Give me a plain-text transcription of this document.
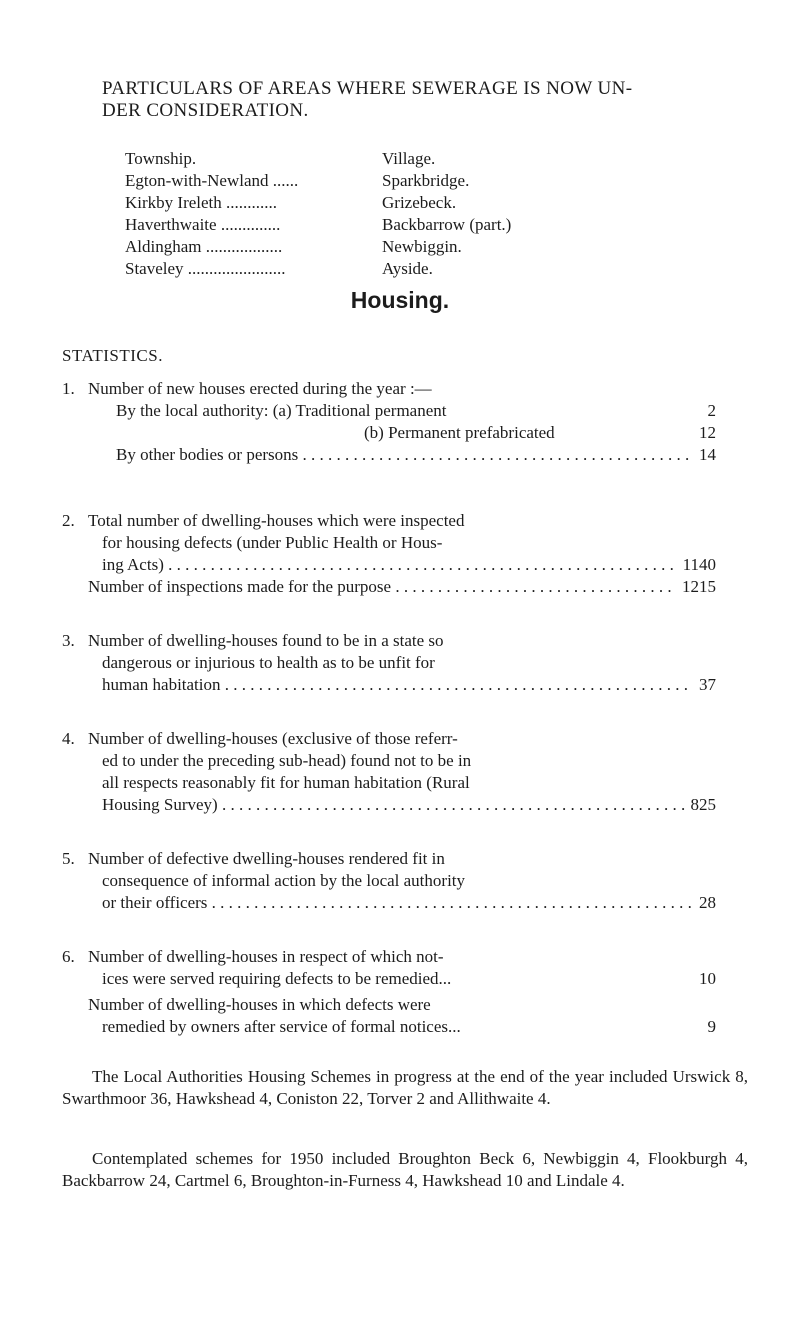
PARTICULARS OF AREAS WHERE SEWERAGE IS NOW UN-

DER CONSIDERATION.
Township.	Village.
Egton-with-Newland ......	Sparkbridge.
Kirkby Ireleth ............	Grizebeck.
Haverthwaite ..............	Backbarrow (part.)
Aldingham ..................	Newbiggin.
Staveley .......................	Ayside.
Housing.
STATISTICS.
1. Number of new houses erected during the year :—
By the local authority: (a) Traditional permanent	2
(b) Permanent prefabricated	12
By other bodies or persons . . .	14
2. Total number of dwelling-houses which were inspected
for housing defects (under Public Health or Hous-
ing Acts) . . .	1140
Number of inspections made for the purpose . . .	1215
3. Number of dwelling-houses found to be in a state so
dangerous or injurious to health as to be unfit for
human habitation . . .	37
4. Number of dwelling-houses (exclusive of those referr-
ed to under the preceding sub-head) found not to be in
all respects reasonably fit for human habitation (Rural
Housing Survey) . . .	825
5. Number of defective dwelling-houses rendered fit in
consequence of informal action by the local authority
or their officers . . .	28
6. Number of dwelling-houses in respect of which not-
ices were served requiring defects to be remedied...	10
Number of dwelling-houses in which defects were
remedied by owners after service of formal notices...	9

The Local Authorities Housing Schemes in progress at the end of the year included Urswick 8, Swarthmoor 36, Hawkshead 4, Coniston 22, Torver 2 and Allithwaite 4.

Contemplated schemes for 1950 included Broughton Beck 6, Newbiggin 4, Flookburgh 4, Backbarrow 24, Cartmel 6, Broughton-in-Furness 4, Hawkshead 10 and Lindale 4.
